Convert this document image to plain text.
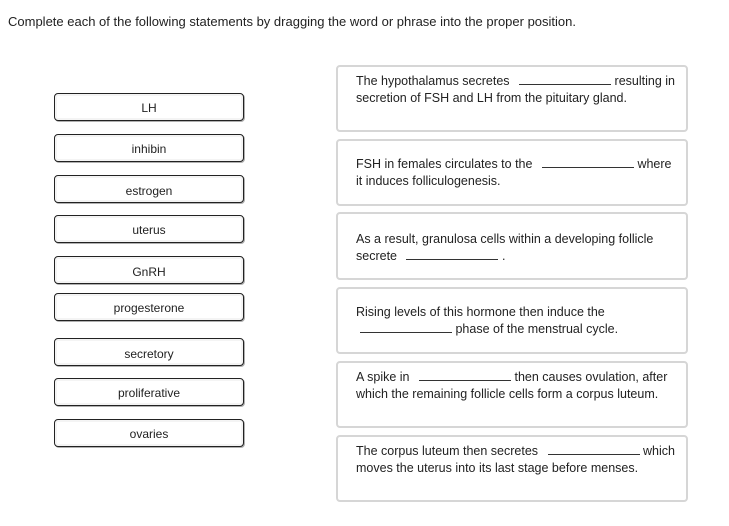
Complete each of the following statements by dragging the word or phrase into the proper position.
LH
inhibin
estrogen
uterus
GnRH
progesterone
secretory
proliferative
ovaries
The hypothalamus secretes	resulting in secretion of FSH and LH from the pituitary gland.
FSH in females circulates to the	where it induces folliculogenesis.
As a result, granulosa cells within a developing follicle secrete	.
Rising levels of this hormone then induce the  phase of the menstrual cycle.
A spike in	then causes ovulation, after which the remaining follicle cells form a corpus luteum.
The corpus luteum then secretes	which moves the uterus into its last stage before menses.
